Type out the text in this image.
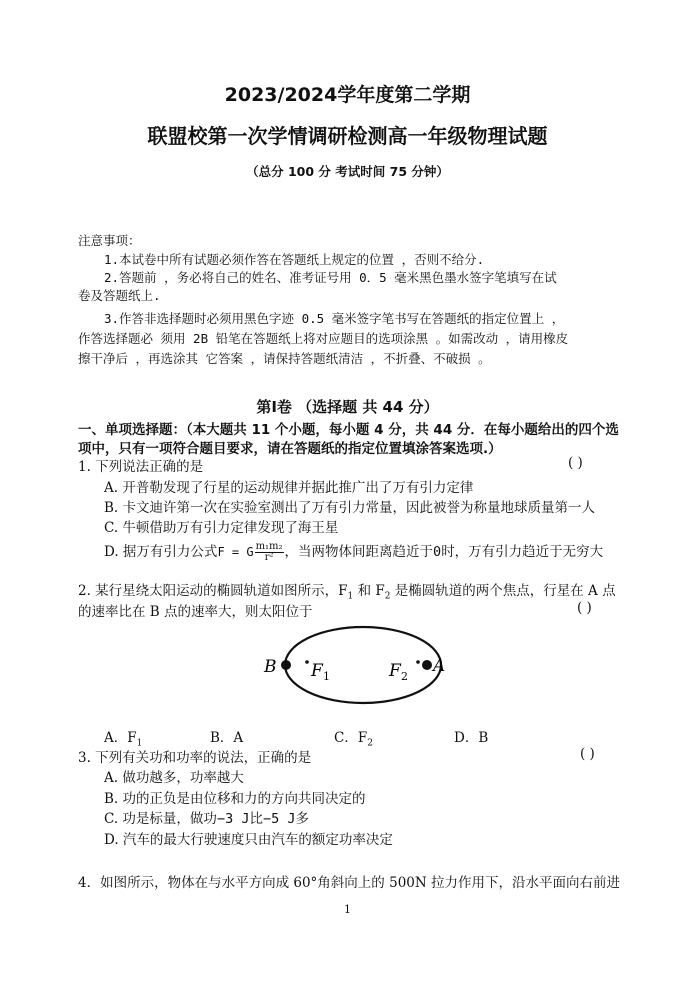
2023/2024学年度第二学期
联盟校第一次学情调研检测高一年级物理试题
（总分 100 分 考试时间 75 分钟）
注意事项：
1.本试卷中所有试题必须作答在答题纸上规定的位置 ，否则不给分.
2.答题前 ，务必将自己的姓名、准考证号用 0．5 毫米黑色墨水签字笔填写在试
卷及答题纸上.
3.作答非选择题时必须用黑色字迹 0.5 毫米签字笔书写在答题纸的指定位置上 ，
作答选择题必 须用 2B 铅笔在答题纸上将对应题目的选项涂黑 。如需改动 ，请用橡皮
擦干净后 ，再选涂其 它答案 ，请保持答题纸清洁 ，不折叠、不破损 。
第Ⅰ卷 （选择题 共 44 分）
一、单项选择题：（本大题共 11 个小题，每小题 4 分，共 44 分．在每小题给出的四个选
项中，只有一项符合题目要求，请在答题纸的指定位置填涂答案选项.）
1. 下列说法正确的是	( )
A. 开普勒发现了行星的运动规律并据此推广出了万有引力定律
B. 卡文迪许第一次在实验室测出了万有引力常量，因此被誉为称量地球质量第一人
C. 牛顿借助万有引力定律发现了海王星
D. 据万有引力公式F = G $\frac{\text{m₁m₂}}{\text{r²}}$ ，当两物体间距离趋近于0时，万有引力趋近于无穷大
2. 某行星绕太阳运动的椭圆轨道如图所示，$F_1$ 和 $F_2$ 是椭圆轨道的两个焦点，行星在 A 点
的速率比在 B 点的速率大，则太阳位于	( )
B	A
F 1	F 2
A．$F_1$	B．A	C．$F_2$	D．B
3. 下列有关功和功率的说法，正确的是	( )
A. 做功越多，功率越大
B. 功的正负是由位移和力的方向共同决定的
C. 功是标量，做功−3 J比−5 J多
D. 汽车的最大行驶速度只由汽车的额定功率决定
4．如图所示，物体在与水平方向成 60°角斜向上的 500N 拉力作用下，沿水平面向右前进
1
